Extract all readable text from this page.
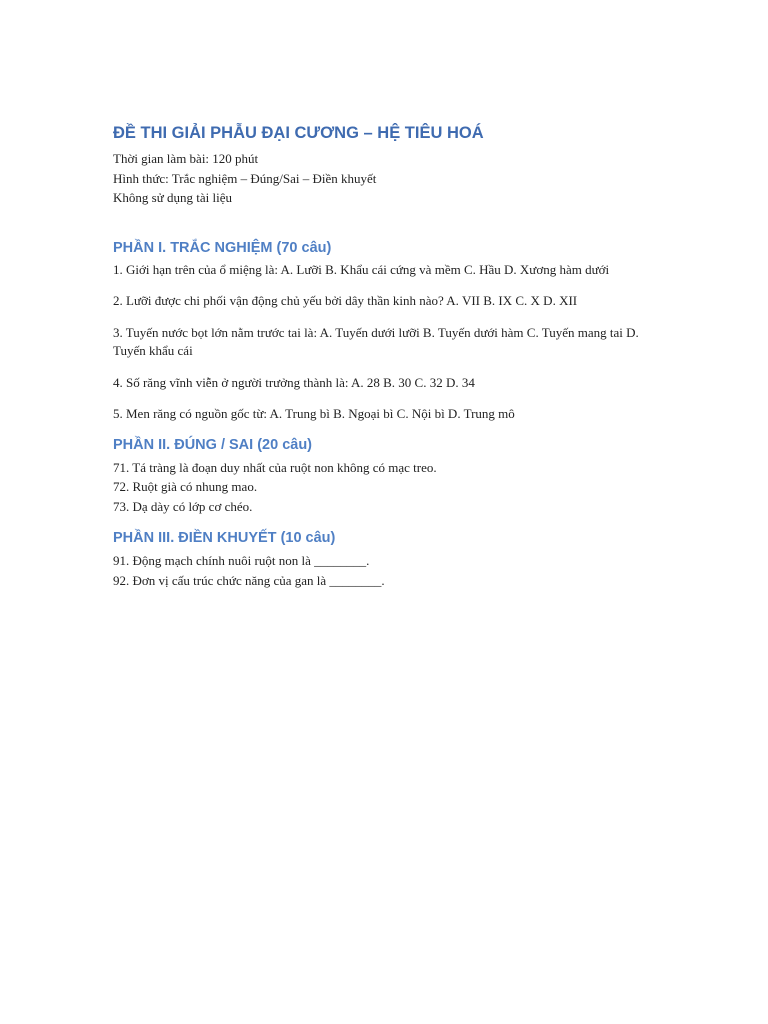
ĐỀ THI GIẢI PHẪU ĐẠI CƯƠNG – HỆ TIÊU HOÁ

Thời gian làm bài: 120 phút

Hình thức: Trắc nghiệm – Đúng/Sai – Điền khuyết

Không sử dụng tài liệu

PHẦN I. TRẮC NGHIỆM (70 câu)

1. Giới hạn trên của ổ miệng là: A. Lưỡi B. Khẩu cái cứng và mềm C. Hầu D. Xương hàm dưới

2. Lưỡi được chi phối vận động chủ yếu bởi dây thần kinh nào? A. VII B. IX C. X D. XII

3. Tuyến nước bọt lớn nằm trước tai là: A. Tuyến dưới lưỡi B. Tuyến dưới hàm C. Tuyến mang tai D. Tuyến khẩu cái

4. Số răng vĩnh viễn ở người trưởng thành là: A. 28 B. 30 C. 32 D. 34

5. Men răng có nguồn gốc từ: A. Trung bì B. Ngoại bì C. Nội bì D. Trung mô

PHẦN II. ĐÚNG / SAI (20 câu)

71. Tá tràng là đoạn duy nhất của ruột non không có mạc treo.

72. Ruột già có nhung mao.

73. Dạ dày có lớp cơ chéo.

PHẦN III. ĐIỀN KHUYẾT (10 câu)

91. Động mạch chính nuôi ruột non là ________.

92. Đơn vị cấu trúc chức năng của gan là ________.
